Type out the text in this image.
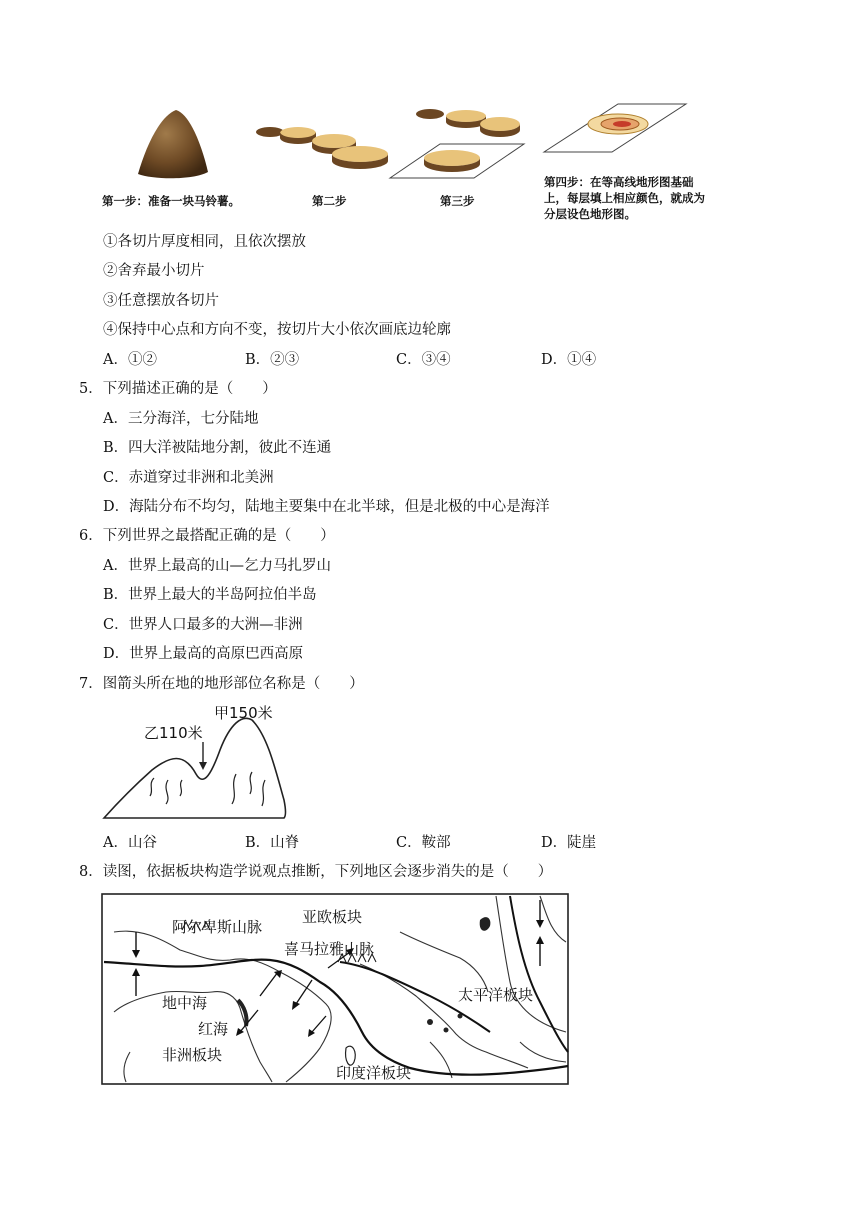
第一步：准备一块马铃薯。	第二步	第三步
第四步：在等高线地形图基础上，每层填上相应颜色，就成为分层设色地形图。
①各切片厚度相同，且依次摆放
②舍弃最小切片
③任意摆放各切片
④保持中心点和方向不变，按切片大小依次画底边轮廓
A．①②	B．②③	C．③④	D．①④
5．下列描述正确的是（　　）
A．三分海洋，七分陆地
B．四大洋被陆地分割，彼此不连通
C．赤道穿过非洲和北美洲
D．海陆分布不均匀，陆地主要集中在北半球，但是北极的中心是海洋
6．下列世界之最搭配正确的是（　　）
A．世界上最高的山—乞力马扎罗山
B．世界上最大的半岛阿拉伯半岛
C．世界人口最多的大洲—非洲
D．世界上最高的高原巴西高原
7．图箭头所在地的地形部位名称是（　　）
乙110米
甲150米
A．山谷	B．山脊	C．鞍部	D．陡崖
8．读图，依据板块构造学说观点推断，下列地区会逐步消失的是（　　）
阿尔卑斯山脉
亚欧板块
喜马拉雅山脉
地中海	太平洋板块
红海
非洲板块
印度洋板块
